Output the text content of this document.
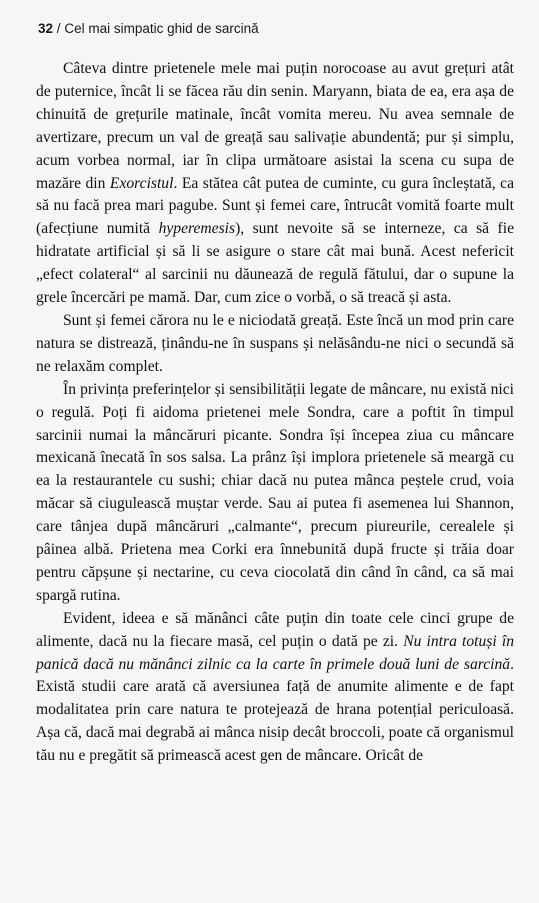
32 / Cel mai simpatic ghid de sarcină

Câteva dintre prietenele mele mai puțin norocoase au avut grețuri atât de puternice, încât li se făcea rău din senin. Maryann, biata de ea, era așa de chinuită de grețurile matinale, încât vomita mereu. Nu avea semnale de avertizare, precum un val de greață sau salivație abundentă; pur și simplu, acum vorbea normal, iar în clipa următoare asistai la scena cu supa de mazăre din Exorcistul. Ea stătea cât putea de cuminte, cu gura încleștată, ca să nu facă prea mari pagube. Sunt și femei care, întrucât vomită foarte mult (afecțiune numită hyperemesis), sunt nevoite să se interneze, ca să fie hidratate artificial și să li se asigure o stare cât mai bună. Acest nefericit „efect colateral“ al sarcinii nu dăunează de regulă fătului, dar o supune la grele încercări pe mamă. Dar, cum zice o vorbă, o să treacă și asta.

Sunt și femei cărora nu le e niciodată greață. Este încă un mod prin care natura se distrează, ținându-ne în suspans și nelăsându-ne nici o secundă să ne relaxăm complet.

În privința preferințelor și sensibilității legate de mâncare, nu există nici o regulă. Poți fi aidoma prietenei mele Sondra, care a poftit în timpul sarcinii numai la mâncăruri picante. Sondra își începea ziua cu mâncare mexicană înecată în sos salsa. La prânz își implora prietenele să meargă cu ea la restaurantele cu sushi; chiar dacă nu putea mânca peștele crud, voia măcar să ciugulească muștar verde. Sau ai putea fi asemenea lui Shannon, care tânjea după mâncăruri „calmante“, precum piureurile, cerealele și pâinea albă. Prietena mea Corki era înnebunită după fructe și trăia doar pentru căpșune și nectarine, cu ceva ciocolată din când în când, ca să mai spargă rutina.

Evident, ideea e să mănânci câte puțin din toate cele cinci grupe de alimente, dacă nu la fiecare masă, cel puțin o dată pe zi. Nu intra totuși în panică dacă nu mănânci zilnic ca la carte în primele două luni de sarcină. Există studii care arată că aversiunea față de anumite alimente e de fapt modalitatea prin care natura te protejează de hrana potențial periculoasă. Așa că, dacă mai degrabă ai mânca nisip decât broccoli, poate că organismul tău nu e pregătit să primească acest gen de mâncare. Oricât de
